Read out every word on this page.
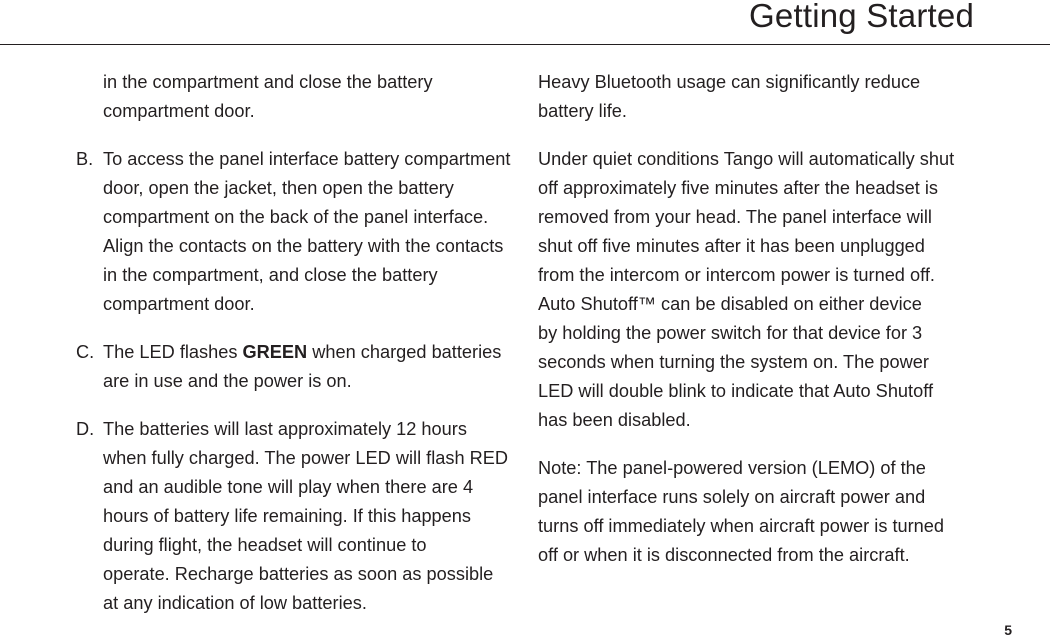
Getting Started
in the compartment and close the battery
compartment door.
B. To access the panel interface battery compartment
door, open the jacket, then open the battery
compartment on the back of the panel interface.
Align the contacts on the battery with the contacts
in the compartment, and close the battery
compartment door.
C. The LED flashes GREEN when charged batteries
are in use and the power is on.
D. The batteries will last approximately 12 hours
when fully charged. The power LED will flash RED
and an audible tone will play when there are 4
hours of battery life remaining. If this happens
during flight, the headset will continue to
operate. Recharge batteries as soon as possible
at any indication of low batteries.
Heavy Bluetooth usage can significantly reduce
battery life.
Under quiet conditions Tango will automatically shut
off approximately five minutes after the headset is
removed from your head. The panel interface will
shut off five minutes after it has been unplugged
from the intercom or intercom power is turned off.
Auto Shutoff™ can be disabled on either device
by holding the power switch for that device for 3
seconds when turning the system on. The power
LED will double blink to indicate that Auto Shutoff
has been disabled.
Note: The panel-powered version (LEMO) of the
panel interface runs solely on aircraft power and
turns off immediately when aircraft power is turned
off or when it is disconnected from the aircraft.
5
